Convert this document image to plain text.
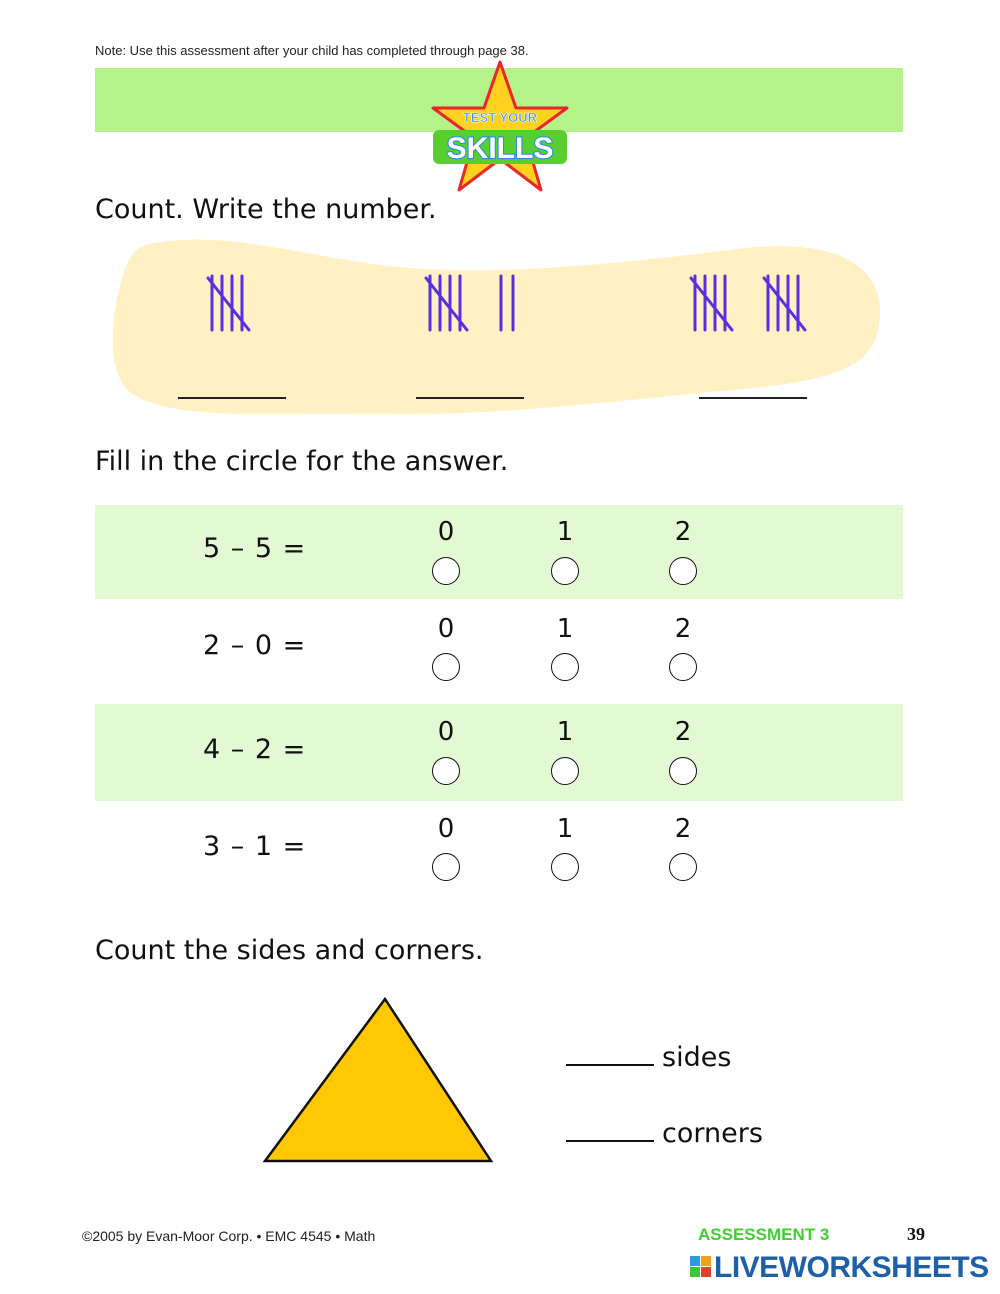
Note: Use this assessment after your child has completed through page 38.
TEST YOUR
SKILLS
Count. Write the number.
Fill in the circle for the answer.
5 – 5 =
0	1	2
2 – 0 =
0	1	2
4 – 2 =
0	1	2
3 – 1 =
0	1	2
Count the sides and corners.
sides
corners
©2005 by Evan-Moor Corp. • EMC 4545 • Math	ASSESSMENT 3	39
LIVEWORKSHEETS
